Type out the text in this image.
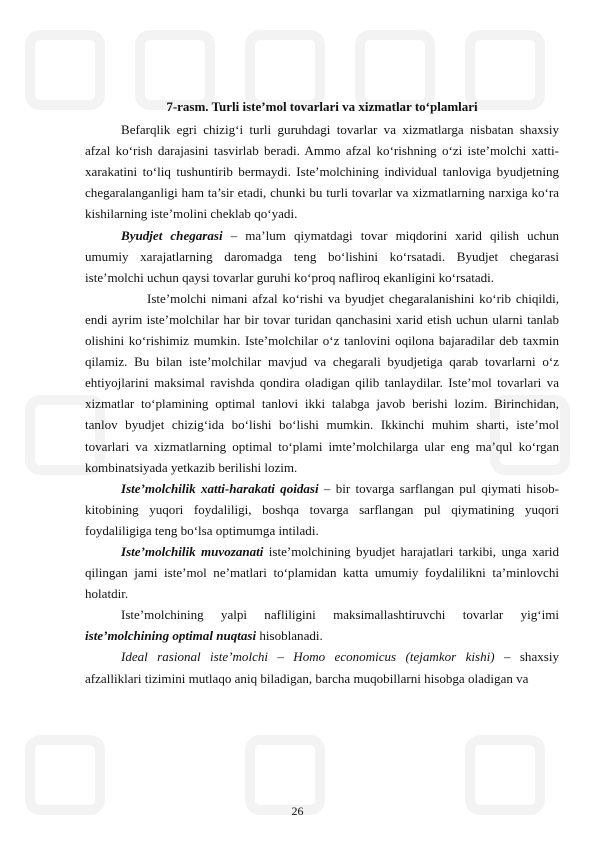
7-rasm. Turli iste’mol tovarlari va xizmatlar to‘plamlari

Befarqlik egri chizig‘i turli guruhdagi tovarlar va xizmatlarga nisbatan shaxsiy afzal ko‘rish darajasini tasvirlab beradi. Ammo afzal ko‘rishning o‘zi iste’molchi xatti-xarakatini to‘liq tushuntirib bermaydi. Iste’molchining individual tanloviga byudjetning chegaralanganligi ham ta’sir etadi, chunki bu turli tovarlar va xizmatlarning narxiga ko‘ra kishilarning iste’molini cheklab qo‘yadi.

Byudjet chegarasi – ma’lum qiymatdagi tovar miqdorini xarid qilish uchun umumiy xarajatlarning daromadga teng bo‘lishini ko‘rsatadi. Byudjet chegarasi iste’molchi uchun qaysi tovarlar guruhi ko‘proq nafliroq ekanligini ko‘rsatadi.

Iste’molchi nimani afzal ko‘rishi va byudjet chegaralanishini ko‘rib chiqildi, endi ayrim iste’molchilar har bir tovar turidan qanchasini xarid etish uchun ularni tanlab olishini ko‘rishimiz mumkin. Iste’molchilar o‘z tanlovini oqilona bajaradilar deb taxmin qilamiz. Bu bilan iste’molchilar mavjud va chegarali byudjetiga qarab tovarlarni o‘z ehtiyojlarini maksimal ravishda qondira oladigan qilib tanlaydilar. Iste’mol tovarlari va xizmatlar to‘plamining optimal tanlovi ikki talabga javob berishi lozim. Birinchidan, tanlov byudjet chizig‘ida bo‘lishi bo‘lishi mumkin. Ikkinchi muhim sharti, iste’mol tovarlari va xizmatlarning optimal to‘plami imte’molchilarga ular eng ma’qul ko‘rgan kombinatsiyada yetkazib berilishi lozim.

Iste’molchilik xatti-harakati qoidasi – bir tovarga sarflangan pul qiymati hisob-kitobining yuqori foydaliligi, boshqa tovarga sarflangan pul qiymatining yuqori foydaliligiga teng bo‘lsa optimumga intiladi.

Iste’molchilik muvozanati iste’molchining byudjet harajatlari tarkibi, unga xarid qilingan jami iste’mol ne’matlari to‘plamidan katta umumiy foydalilikni ta’minlovchi holatdir.

Iste’molchining yalpi nafliligini maksimallashtiruvchi tovarlar yig‘imi iste’molchining optimal nuqtasi hisoblanadi.

Ideal rasional iste’molchi – Homo economicus (tejamkor kishi) – shaxsiy afzalliklari tizimini mutlaqo aniq biladigan, barcha muqobillarni hisobga oladigan va

26
